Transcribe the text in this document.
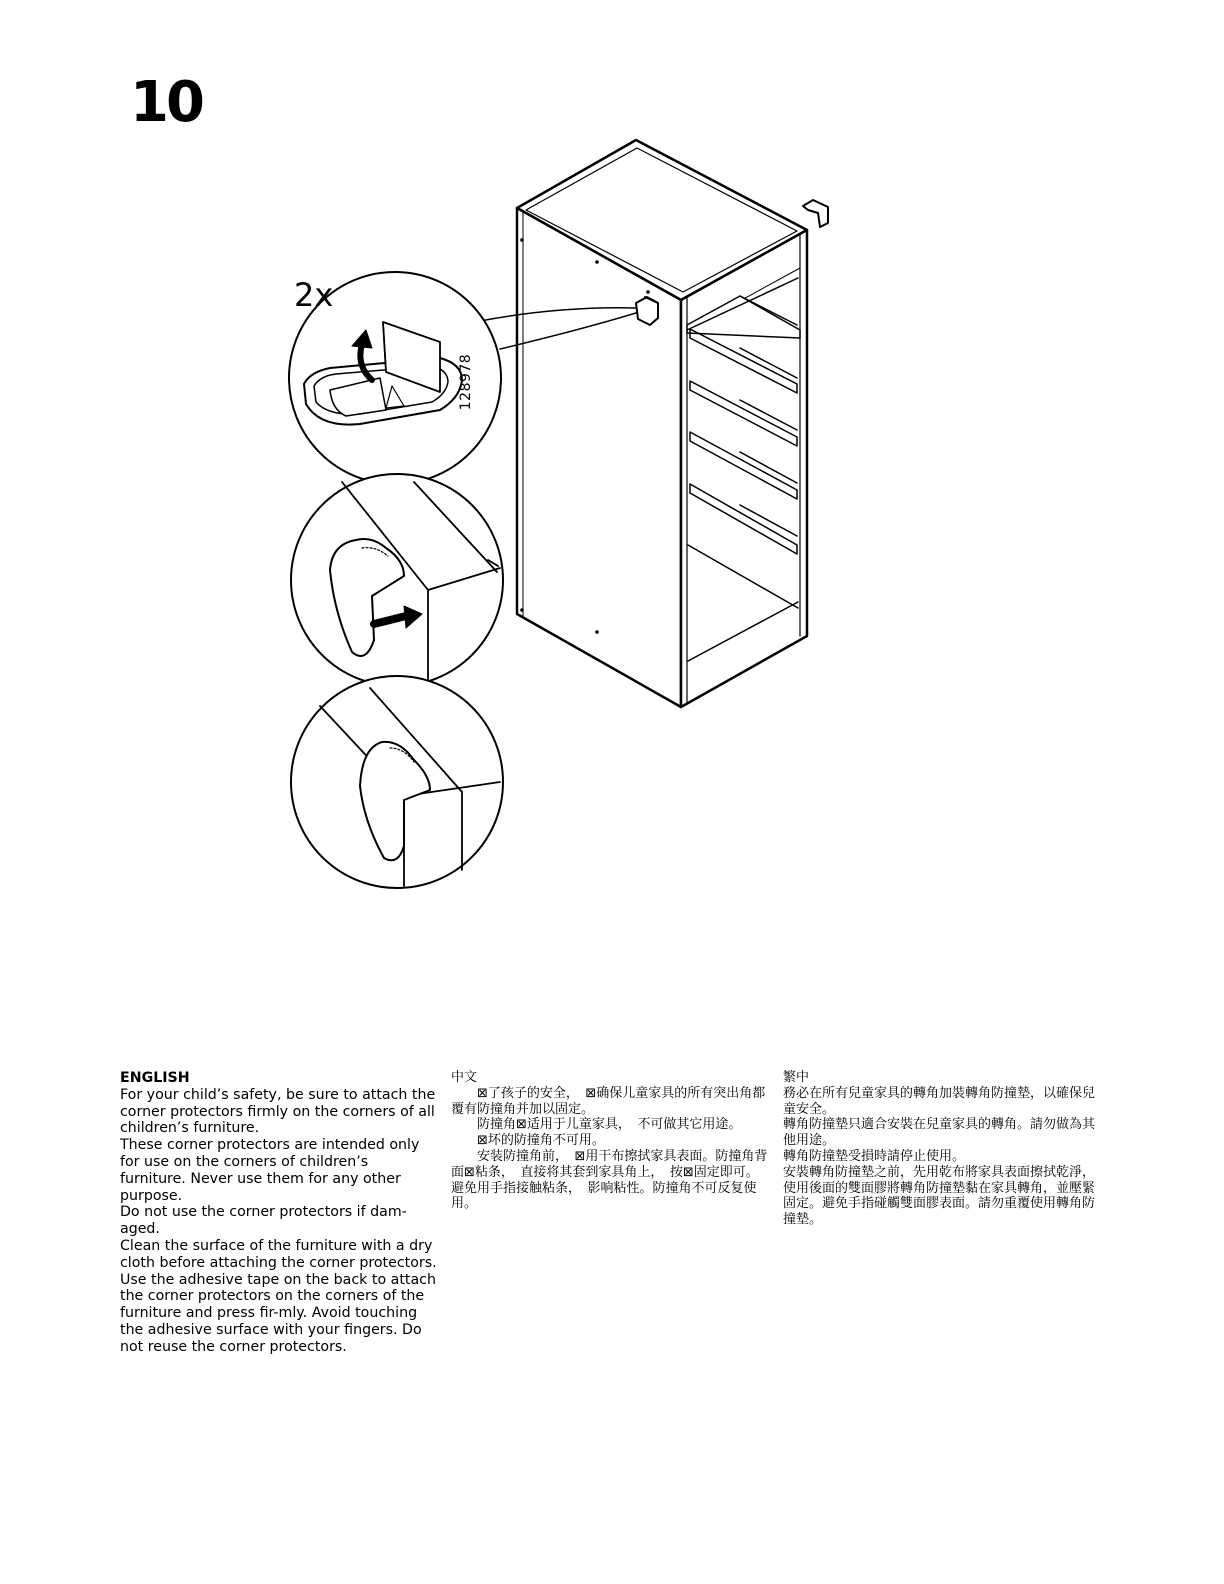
10
2x
128978

ENGLISH

For your child’s safety, be sure to attach the corner protectors firmly on the corners of all children’s furniture.

These corner protectors are intended only for use on the corners of children’s furniture. Never use them for any other purpose.

Do not use the corner protectors if dam-aged.

Clean the surface of the furniture with a dry cloth before attaching the corner protectors. Use the adhesive tape on the back to attach the corner protectors on the corners of the furniture and press fir-mly. Avoid touching the adhesive surface with your fingers. Do not reuse the corner protectors.

中文

⊠了孩子的安全，　⊠确保儿童家具的所有突出角都覆有防撞角并加以固定。

防撞角⊠适用于儿童家具，　不可做其它用途。

⊠坏的防撞角不可用。

安装防撞角前，　⊠用干布擦拭家具表面。防撞角背面⊠粘条，　直接将其套到家具角上，　按⊠固定即可。　避免用手指接触粘条，　影响粘性。防撞角不可反复使用。

繁中

務必在所有兒童家具的轉角加裝轉角防撞墊，以確保兒童安全。

轉角防撞墊只適合安裝在兒童家具的轉角。請勿做為其他用途。

轉角防撞墊受損時請停止使用。

安裝轉角防撞墊之前，先用乾布將家具表面擦拭乾淨，使用後面的雙面膠將轉角防撞墊黏在家具轉角，並壓緊固定。避免手指碰觸雙面膠表面。請勿重覆使用轉角防撞墊。
